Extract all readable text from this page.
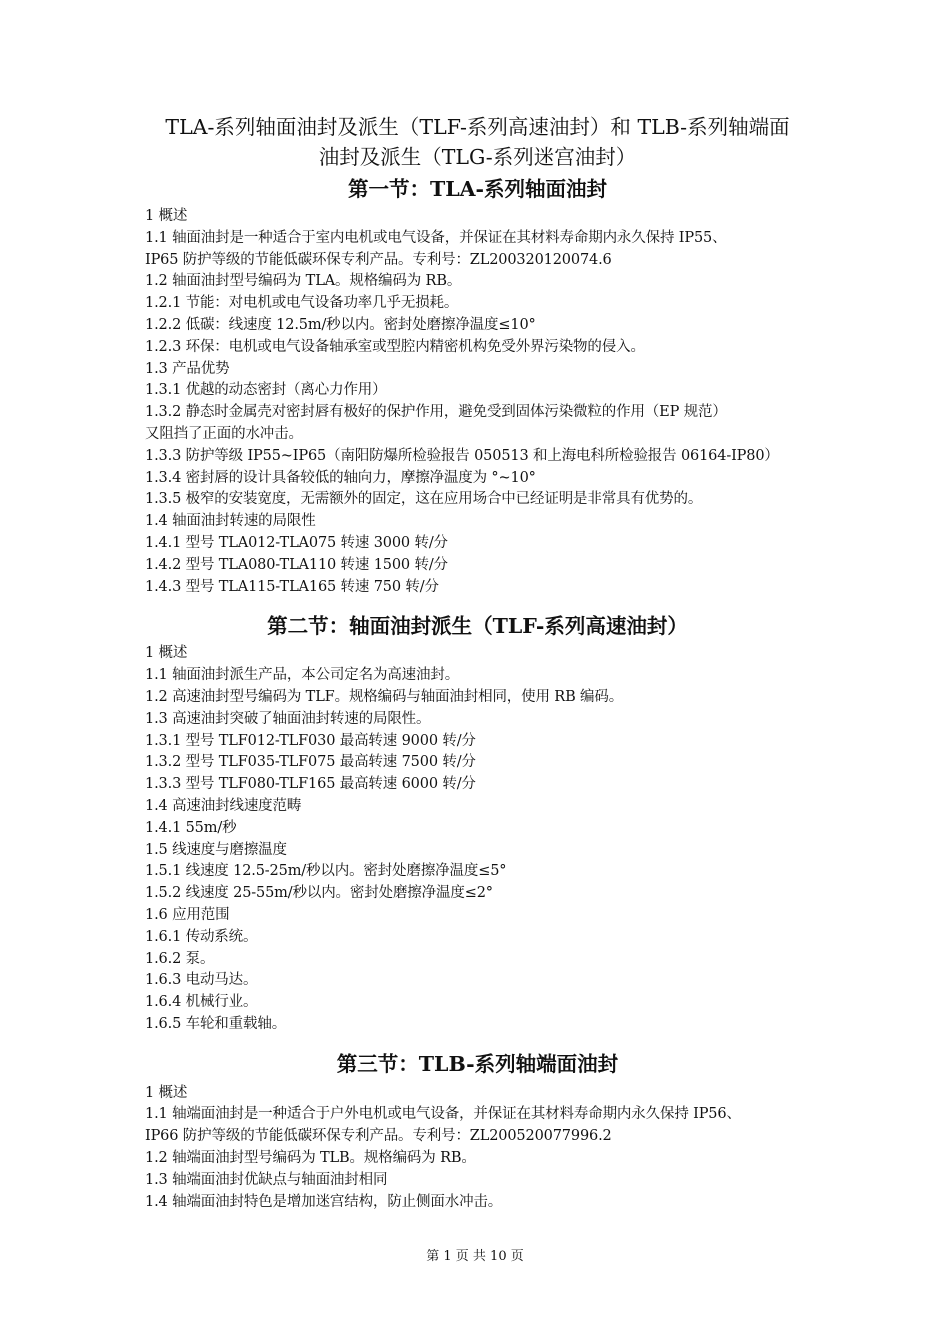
TLA-系列轴面油封及派生（TLF-系列高速油封）和 TLB-系列轴端面

油封及派生（TLG-系列迷宫油封）

第一节：TLA-系列轴面油封

1 概述

1.1 轴面油封是一种适合于室内电机或电气设备，并保证在其材料寿命期内永久保持 IP55、

IP65 防护等级的节能低碳环保专利产品。专利号：ZL200320120074.6

1.2 轴面油封型号编码为 TLA。规格编码为 RB。

1.2.1 节能：对电机或电气设备功率几乎无损耗。

1.2.2 低碳：线速度 12.5m/秒以内。密封处磨擦净温度≤10°

1.2.3 环保：电机或电气设备轴承室或型腔内精密机构免受外界污染物的侵入。

1.3 产品优势

1.3.1 优越的动态密封（离心力作用）

1.3.2 静态时金属壳对密封唇有极好的保护作用，避免受到固体污染微粒的作用（EP 规范）

又阻挡了正面的水冲击。

1.3.3 防护等级 IP55~IP65（南阳防爆所检验报告 050513 和上海电科所检验报告 06164-IP80）

1.3.4 密封唇的设计具备较低的轴向力，摩擦净温度为 °~10°

1.3.5 极窄的安装宽度，无需额外的固定，这在应用场合中已经证明是非常具有优势的。

1.4 轴面油封转速的局限性

1.4.1 型号 TLA012-TLA075 转速 3000 转/分

1.4.2 型号 TLA080-TLA110 转速 1500 转/分

1.4.3 型号 TLA115-TLA165 转速 750 转/分

第二节：轴面油封派生（TLF-系列高速油封）

1 概述

1.1 轴面油封派生产品，本公司定名为高速油封。

1.2 高速油封型号编码为 TLF。规格编码与轴面油封相同，使用 RB 编码。

1.3 高速油封突破了轴面油封转速的局限性。

1.3.1 型号 TLF012-TLF030 最高转速 9000 转/分

1.3.2 型号 TLF035-TLF075 最高转速 7500 转/分

1.3.3 型号 TLF080-TLF165 最高转速 6000 转/分

1.4 高速油封线速度范畴

1.4.1 55m/秒

1.5 线速度与磨擦温度

1.5.1 线速度 12.5-25m/秒以内。密封处磨擦净温度≤5°

1.5.2 线速度 25-55m/秒以内。密封处磨擦净温度≤2°

1.6 应用范围

1.6.1 传动系统。

1.6.2 泵。

1.6.3 电动马达。

1.6.4 机械行业。

1.6.5 车轮和重载轴。

第三节：TLB-系列轴端面油封

1 概述

1.1 轴端面油封是一种适合于户外电机或电气设备，并保证在其材料寿命期内永久保持 IP56、

IP66 防护等级的节能低碳环保专利产品。专利号：ZL200520077996.2

1.2 轴端面油封型号编码为 TLB。规格编码为 RB。

1.3 轴端面油封优缺点与轴面油封相同

1.4 轴端面油封特色是增加迷宫结构，防止侧面水冲击。

第 1 页 共 10 页
